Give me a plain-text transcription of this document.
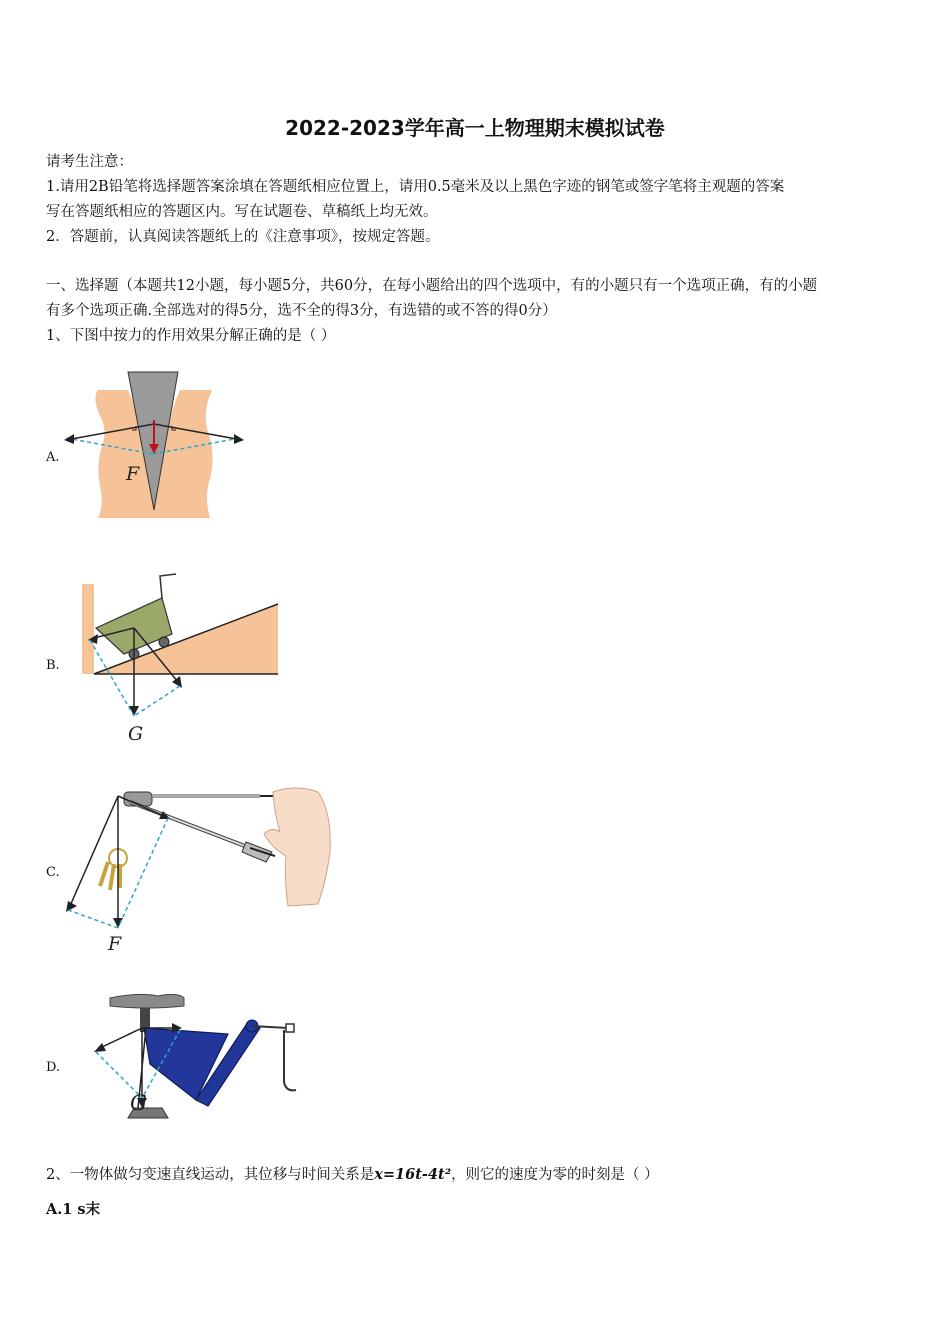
2022-2023学年高一上物理期末模拟试卷
请考生注意：
1.请用2B铅笔将选择题答案涂填在答题纸相应位置上，请用0.5毫米及以上黑色字迹的钢笔或签字笔将主观题的答案
写在答题纸相应的答题区内。写在试题卷、草稿纸上均无效。
2．答题前，认真阅读答题纸上的《注意事项》，按规定答题。
一、选择题（本题共12小题，每小题5分，共60分，在每小题给出的四个选项中，有的小题只有一个选项正确，有的小题
有多个选项正确.全部选对的得5分，选不全的得3分，有选错的或不答的得0分）
1、下图中按力的作用效果分解正确的是（ ）
A.
F
B.
G
C.
F
D.
G
2、一物体做匀变速直线运动，其位移与时间关系是x=16t-4t²，则它的速度为零的时刻是（ ）
A.1 s末
